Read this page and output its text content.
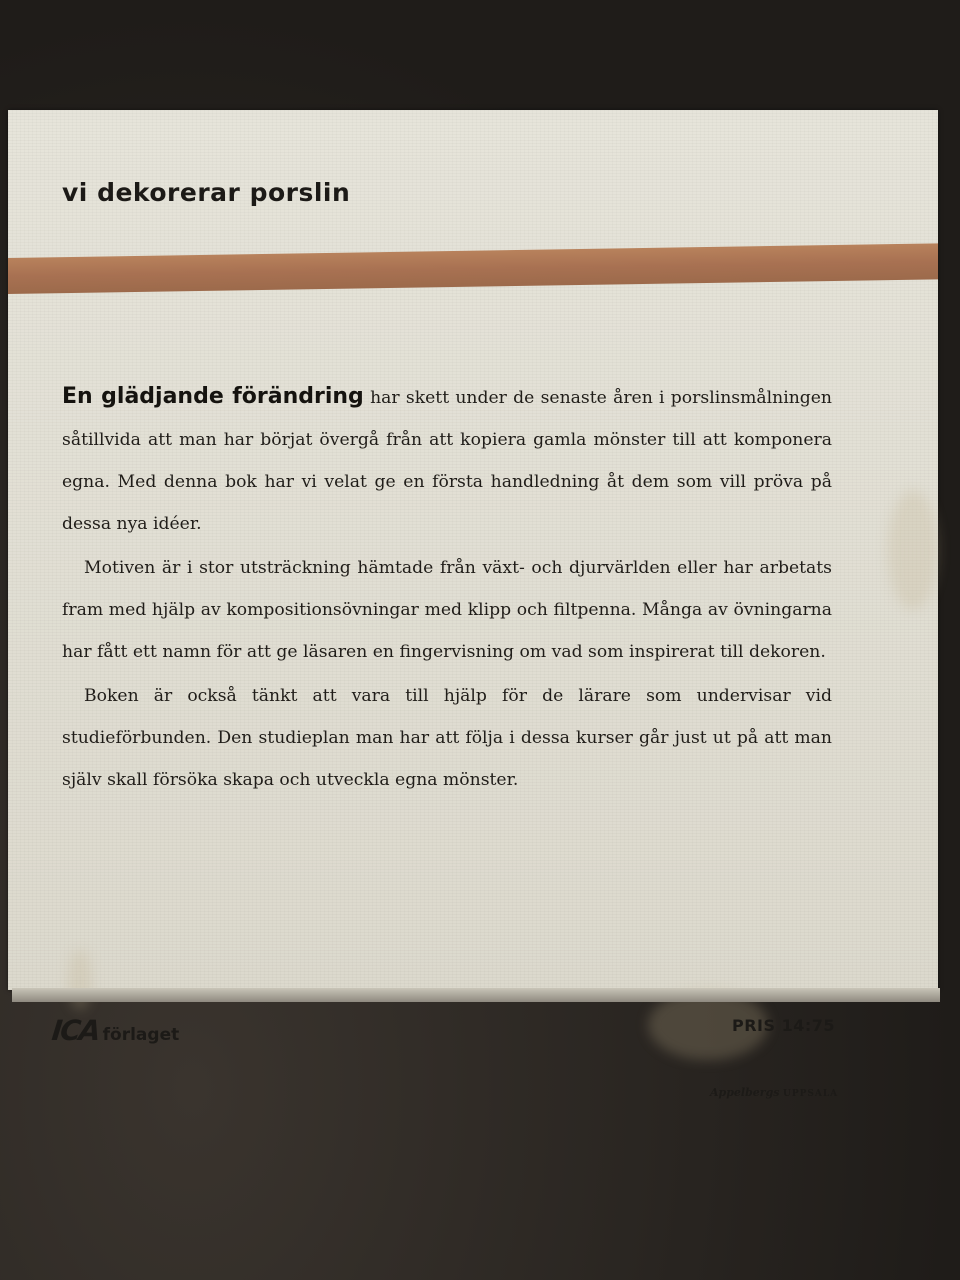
vi dekorerar porslin

En glädjande förändring har skett under de senaste åren i porslinsmålningen såtillvida att man har börjat övergå från att kopiera gamla mönster till att komponera egna. Med denna bok har vi velat ge en första handledning åt dem som vill pröva på dessa nya idéer.

Motiven är i stor utsträckning hämtade från växt- och djurvärlden eller har arbetats fram med hjälp av kompositionsövningar med klipp och filtpenna. Många av övningarna har fått ett namn för att ge läsaren en fingervisning om vad som inspirerat till dekoren.

Boken är också tänkt att vara till hjälp för de lärare som undervisar vid studieförbunden. Den studieplan man har att följa i dessa kurser går just ut på att man själv skall försöka skapa och utveckla egna mönster.

ICA förlaget	PRIS 14:75
Appelbergs UPPSALA
